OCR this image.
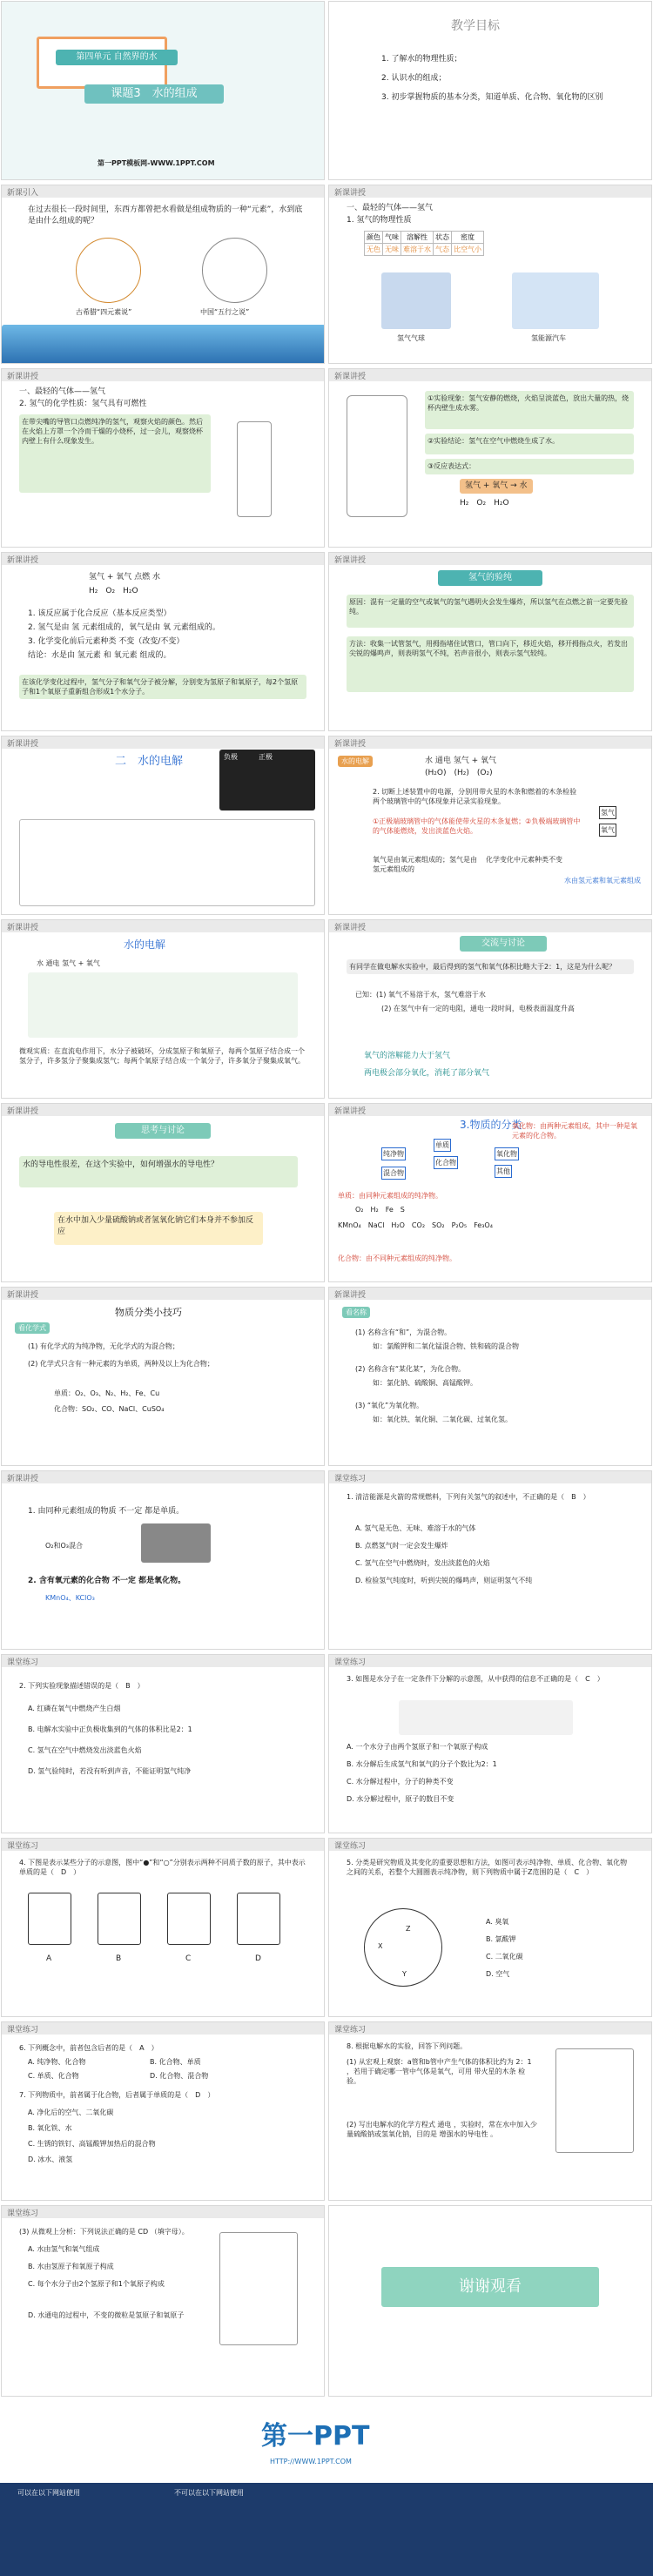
第四单元 自然界的水
课题3　水的组成
第一PPT模板网-WWW.1PPT.COM
教学目标
1. 了解水的物理性质；
2. 认识水的组成；
3. 初步掌握物质的基本分类，知道单质、化合物、氧化物的区别
新课引入
在过去很长一段时间里，东西方都曾把水看做是组成物质的一种“元素”，水到底是由什么组成的呢？
古希腊“四元素说”	中国“五行之说”
新课讲授
一、最轻的气体——氢气
1. 氢气的物理性质
颜色	气味	溶解性	状态	密度
无色	无味	难溶于水	气态	比空气小
氢气气球	氢能源汽车
新课讲授
一、最轻的气体——氢气
2. 氢气的化学性质：氢气具有可燃性
在带尖嘴的导管口点燃纯净的氢气，观察火焰的颜色。然后在火焰上方罩一个冷而干燥的小烧杯，过一会儿，观察烧杯内壁上有什么现象发生。
新课讲授
①实验现象：氢气安静的燃烧，火焰呈淡蓝色，放出大量的热，烧杯内壁生成水雾。
②实验结论：氢气在空气中燃烧生成了水。
③反应表达式：
氢气 + 氧气 → 水
H₂　O₂　H₂O
新课讲授
氢气 + 氧气 点燃 水
H₂　O₂　H₂O
1. 该反应属于化合反应（基本反应类型）
2. 氢气是由 氢 元素组成的，氧气是由 氧 元素组成的。
3. 化学变化前后元素种类 不变（改变/不变）
结论：水是由 氢元素 和 氧元素 组成的。
在该化学变化过程中，氢气分子和氧气分子被分解，分别变为氢原子和氧原子，每2个氢原子和1个氧原子重新组合形成1个水分子。
新课讲授
氢气的验纯
原因：混有一定量的空气或氧气的氢气遇明火会发生爆炸，所以氢气在点燃之前一定要先验纯。
方法：收集一试管氢气，用拇指堵住试管口，管口向下，移近火焰，移开拇指点火，若发出尖锐的爆鸣声，则表明氢气不纯，若声音很小，则表示氢气较纯。
新课讲授
二　水的电解	负极	正极
新课讲授
水 通电 氢气 + 氧气
(H₂O)　(H₂)　(O₂)
水的电解
2. 切断上述装置中的电源，分别用带火星的木条和燃着的木条检验两个玻璃管中的气体现象并记录实验现象。
①正极端玻璃管中的气体能使带火星的木条复燃；②负极端玻璃管中的气体能燃烧，发出淡蓝色火焰。
氧气是由氧元素组成的；氢气是由氢元素组成的
化学变化中元素种类不变
氧气
氢气
水由氢元素和氧元素组成
新课讲授
水的电解
水 通电 氢气 + 氧气
微观实质：在直流电作用下，水分子被破坏，分成氢原子和氧原子，每两个氢原子结合成一个氢分子，许多氢分子聚集成氢气；每两个氧原子结合成一个氧分子，许多氧分子聚集成氧气。
新课讲授
交流与讨论
有同学在做电解水实验中，最后得到的氢气和氧气体积比略大于2：1，这是为什么呢？
已知：(1) 氧气不易溶于水，氢气难溶于水
(2) 在氢气中有一定的电阻，通电一段时间，电极表面温度升高
氧气的溶解能力大于氢气
两电极会部分氧化，消耗了部分氧气
新课讲授
思考与讨论
水的导电性很差，在这个实验中，如何增强水的导电性？
在水中加入少量硫酸钠或者氢氧化钠它们本身并不参加反应
新课讲授
3.物质的分类
纯净物
混合物
单质
化合物
氧化物
其他
氧化物：由两种元素组成，其中一种是氧元素的化合物。
单质：由同种元素组成的纯净物。
O₂　H₂　Fe　S
KMnO₄　NaCl　H₂O　CO₂　SO₂　P₂O₅　Fe₃O₄
化合物：由不同种元素组成的纯净物。
新课讲授
物质分类小技巧
看化学式
(1) 有化学式的为纯净物，无化学式的为混合物；
(2) 化学式只含有一种元素的为单质，两种及以上为化合物；
单质：O₂、O₃、N₂、H₂、Fe、Cu
化合物：SO₂、CO、NaCl、CuSO₄
新课讲授
看名称
(1) 名称含有“和”，为混合物。
如：氯酸钾和二氧化锰混合物、铁和硫的混合物
(2) 名称含有“某化某”，为化合物。
如：氯化钠、硫酸铜、高锰酸钾。
(3) “氧化”为氧化物。
如：氧化铁、氧化铜、二氧化碳、过氧化氢。
新课讲授
1. 由同种元素组成的物质 不一定 都是单质。
O₂和O₃混合
2. 含有氧元素的化合物 不一定 都是氧化物。
KMnO₄、KClO₃
课堂练习
1. 清洁能源是火箭的常规燃料，下列有关氢气的叙述中，不正确的是（　B　）
A. 氢气是无色、无味、难溶于水的气体
B. 点燃氢气时一定会发生爆炸
C. 氢气在空气中燃烧时，发出淡蓝色的火焰
D. 检验氢气纯度时，听到尖锐的爆鸣声，则证明氢气不纯
课堂练习
2. 下列实验现象描述错误的是（　B　）
A. 红磷在氧气中燃烧产生白烟
B. 电解水实验中正负极收集到的气体的体积比是2：1
C. 氢气在空气中燃烧发出淡蓝色火焰
D. 氢气验纯时，若没有听到声音，不能证明氢气纯净
课堂练习
3. 如图是水分子在一定条件下分解的示意图，从中获得的信息不正确的是（　C　）
A. 一个水分子由两个氢原子和一个氧原子构成
B. 水分解后生成氢气和氧气的分子个数比为2：1
C. 水分解过程中，分子的种类不变
D. 水分解过程中，原子的数目不变
课堂练习
4. 下图是表示某些分子的示意图，图中“●”和“○”分别表示两种不同质子数的原子，其中表示单质的是（　D　）
A	B	C	D
课堂练习
5. 分类是研究物质及其变化的重要思想和方法，如图可表示纯净物、单质、化合物、氧化物之间的关系，若整个大圆圈表示纯净物，则下列物质中属于Z范围的是（　C　）
X
Y
Z
A. 臭氧
B. 氯酸钾
C. 二氧化碳
D. 空气
课堂练习
6. 下列概念中，前者包含后者的是（　A　）
A. 纯净物、化合物	B. 化合物、单质
C. 单质、化合物	D. 化合物、混合物
7. 下列物质中，前者属于化合物，后者属于单质的是（　D　）
A. 净化后的空气、二氧化碳
B. 氧化铁、水
C. 生锈的铁钉、高锰酸钾加热后的混合物
D. 冰水、液氢
课堂练习
8. 根据电解水的实验，回答下列问题。
(1) 从宏观上观察：a管和b管中产生气体的体积比约为 2：1 ，若用于确定哪一管中气体是氧气，可用 带火星的木条 检验。
(2) 写出电解水的化学方程式 通电 ，实验时，常在水中加入少量硫酸钠或氢氧化钠，目的是 增强水的导电性 。
课堂练习
(3) 从微观上分析：下列说法正确的是 CD （填字母）。
A. 水由氢气和氧气组成
B. 水由氢原子和氧原子构成
C. 每个水分子由2个氢原子和1个氧原子构成
D. 水通电的过程中，不变的微粒是氢原子和氧原子
谢谢观看
第一PPT
HTTP://WWW.1PPT.COM
可以在以下网站使用	不可以在以下网站使用
